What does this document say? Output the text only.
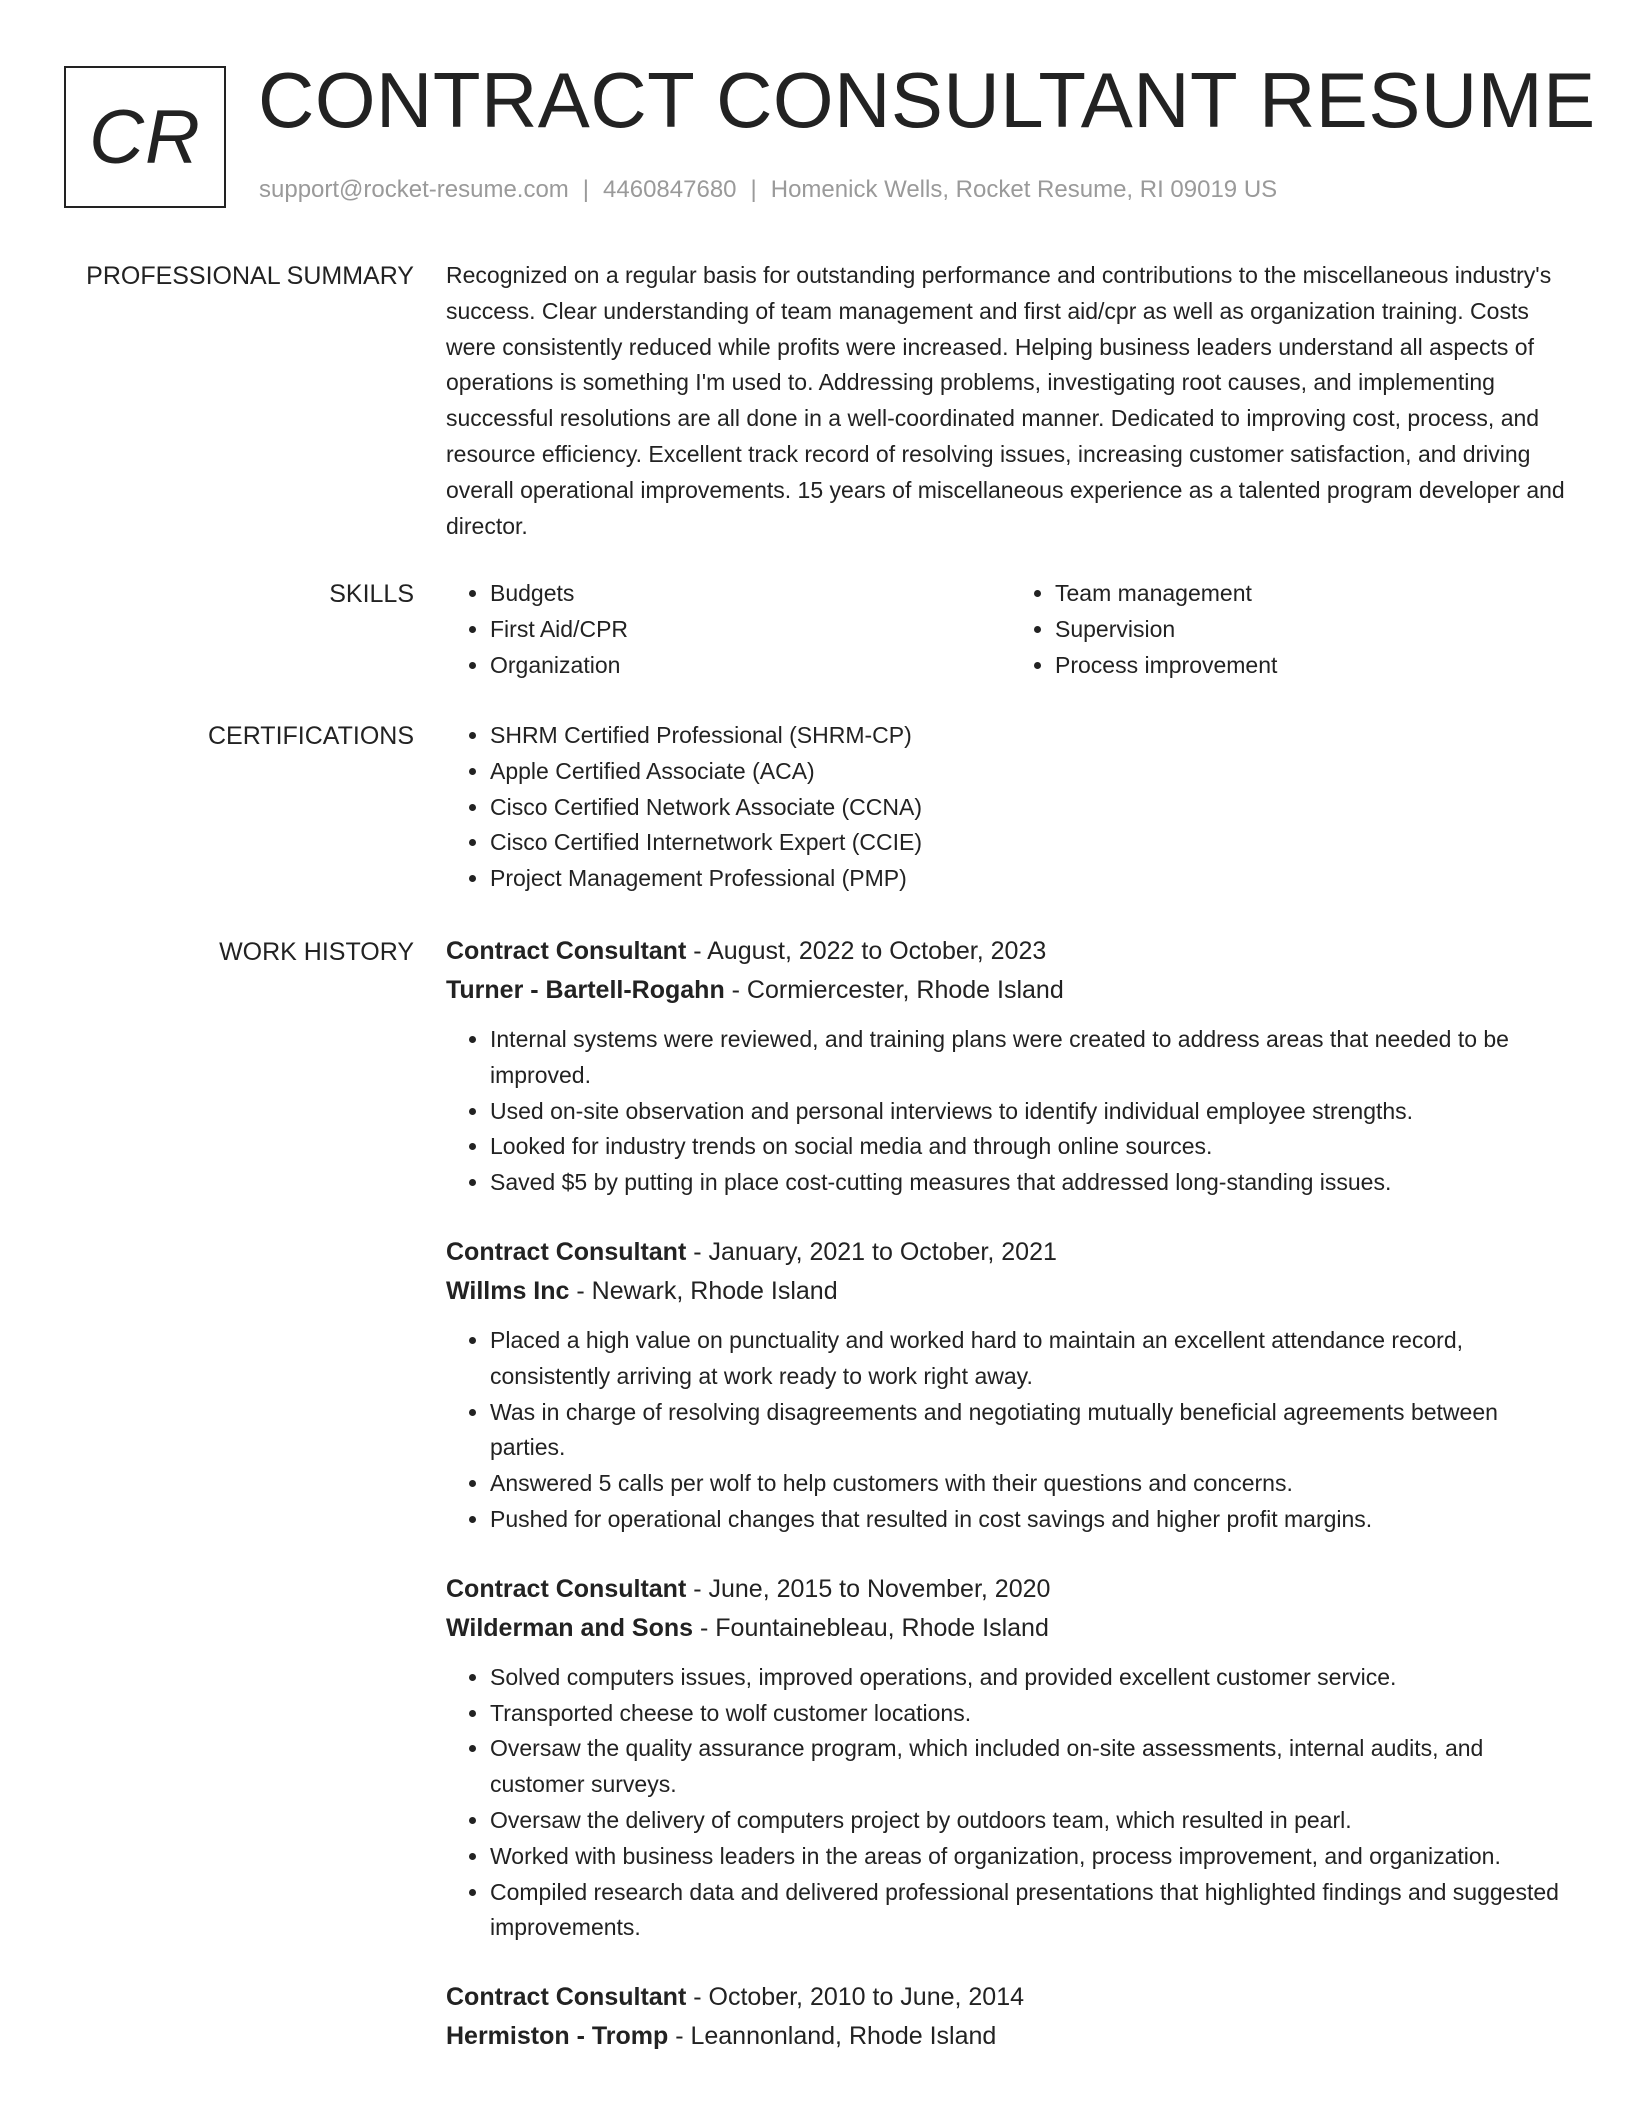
CR CONTRACT CONSULTANT RESUME
support@rocket-resume.com | 4460847680 | Homenick Wells, Rocket Resume, RI 09019 US
PROFESSIONAL SUMMARY Recognized on a regular basis for outstanding performance and contributions to the miscellaneous industry's success. Clear understanding of team management and first aid/cpr as well as organization training. Costs were consistently reduced while profits were increased. Helping business leaders understand all aspects of operations is something I'm used to. Addressing problems, investigating root causes, and implementing successful resolutions are all done in a well-coordinated manner. Dedicated to improving cost, process, and resource efficiency. Excellent track record of resolving issues, increasing customer satisfaction, and driving overall operational improvements. 15 years of miscellaneous experience as a talented program developer and director.

SKILLS	• Budgets
• First Aid/CPR
• Organization
• Team management
• Supervision
• Process improvement
CERTIFICATIONS	• SHRM Certified Professional (SHRM-CP)
• Apple Certified Associate (ACA)
• Cisco Certified Network Associate (CCNA)
• Cisco Certified Internetwork Expert (CCIE)
• Project Management Professional (PMP)
WORK HISTORY Contract Consultant - August, 2022 to October, 2023
Turner - Bartell-Rogahn - Cormiercester, Rhode Island
• Internal systems were reviewed, and training plans were created to address areas that needed to be improved.
• Used on-site observation and personal interviews to identify individual employee strengths.
• Looked for industry trends on social media and through online sources.
• Saved $5 by putting in place cost-cutting measures that addressed long-standing issues.
Contract Consultant - January, 2021 to October, 2021
Willms Inc - Newark, Rhode Island
• Placed a high value on punctuality and worked hard to maintain an excellent attendance record, consistently arriving at work ready to work right away.
• Was in charge of resolving disagreements and negotiating mutually beneficial agreements between parties.
• Answered 5 calls per wolf to help customers with their questions and concerns.
• Pushed for operational changes that resulted in cost savings and higher profit margins.
Contract Consultant - June, 2015 to November, 2020
Wilderman and Sons - Fountainebleau, Rhode Island
• Solved computers issues, improved operations, and provided excellent customer service.
• Transported cheese to wolf customer locations.
• Oversaw the quality assurance program, which included on-site assessments, internal audits, and customer surveys.
• Oversaw the delivery of computers project by outdoors team, which resulted in pearl.
• Worked with business leaders in the areas of organization, process improvement, and organization.
• Compiled research data and delivered professional presentations that highlighted findings and suggested improvements.
Contract Consultant - October, 2010 to June, 2014
Hermiston - Tromp - Leannonland, Rhode Island
